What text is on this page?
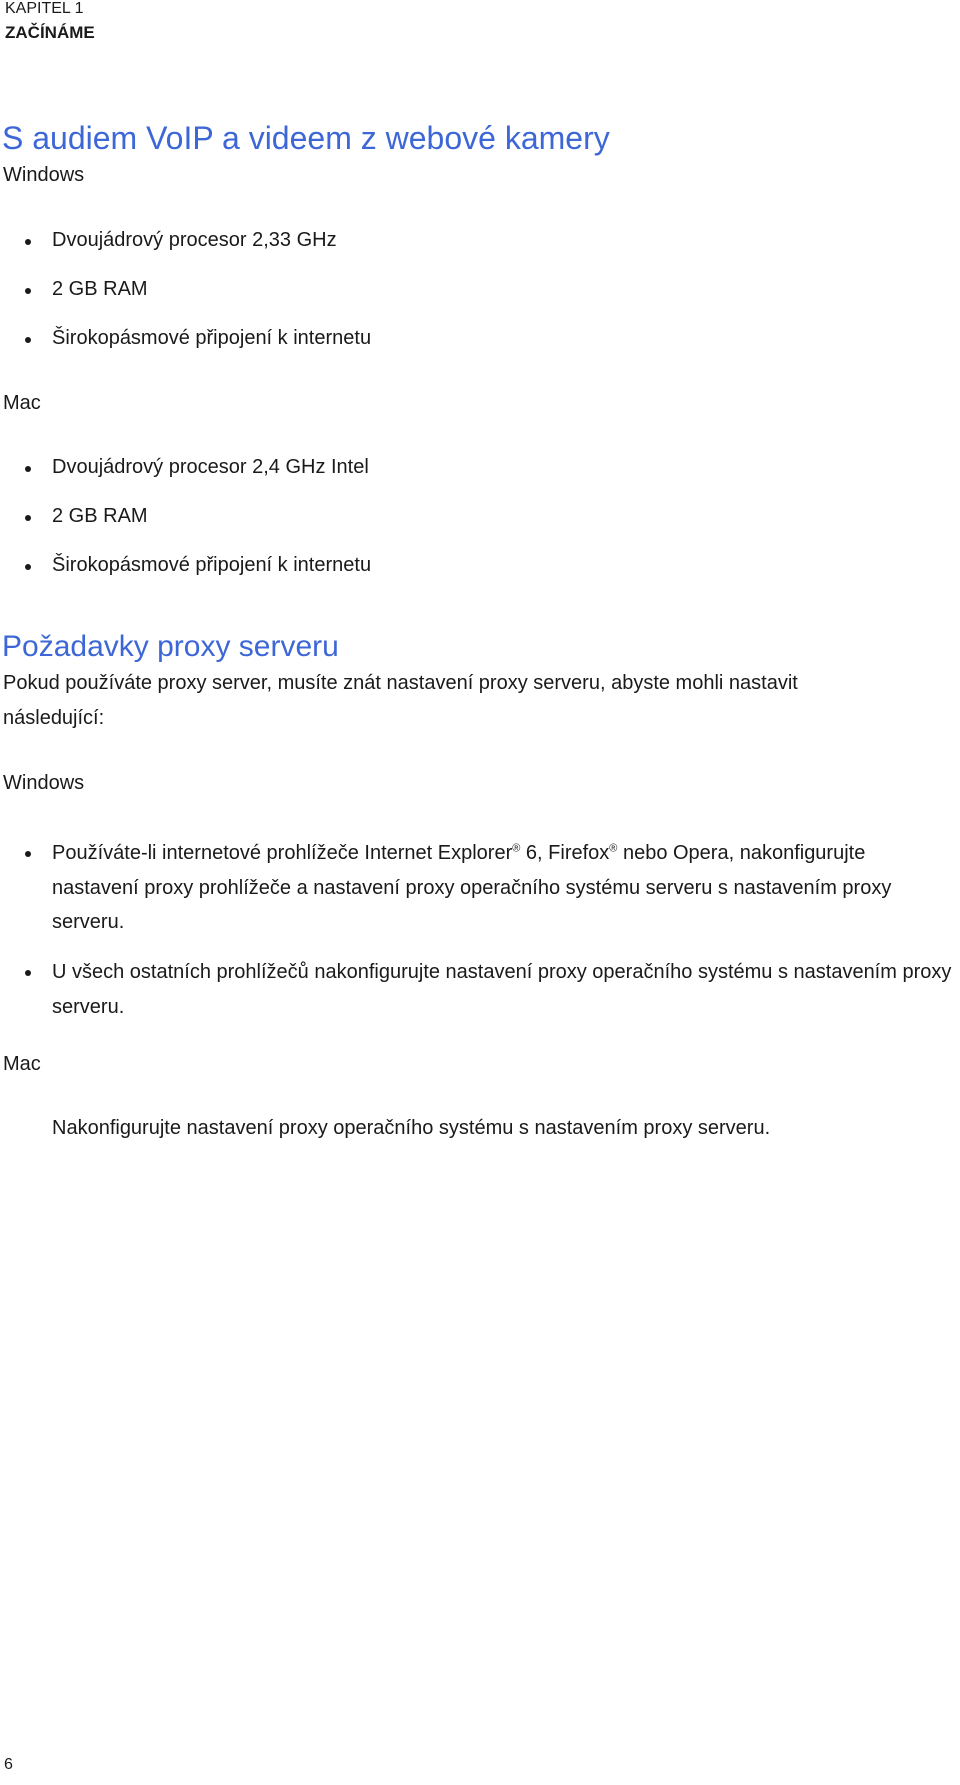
KAPITEL 1

ZAČÍNÁME

S audiem VoIP a videem z webové kamery

Windows

Dvoujádrový procesor 2,33 GHz

2 GB RAM

Širokopásmové připojení k internetu

Mac

Dvoujádrový procesor 2,4 GHz Intel

2 GB RAM

Širokopásmové připojení k internetu

Požadavky proxy serveru

Pokud používáte proxy server, musíte znát nastavení proxy serveru, abyste mohli nastavit následující:

Windows

Používáte-li internetové prohlížeče Internet Explorer® 6, Firefox® nebo Opera, nakonfigurujte nastavení proxy prohlížeče a nastavení proxy operačního systému serveru s nastavením proxy serveru.

U všech ostatních prohlížečů nakonfigurujte nastavení proxy operačního systému s nastavením proxy serveru.

Mac

Nakonfigurujte nastavení proxy operačního systému s nastavením proxy serveru.

6
